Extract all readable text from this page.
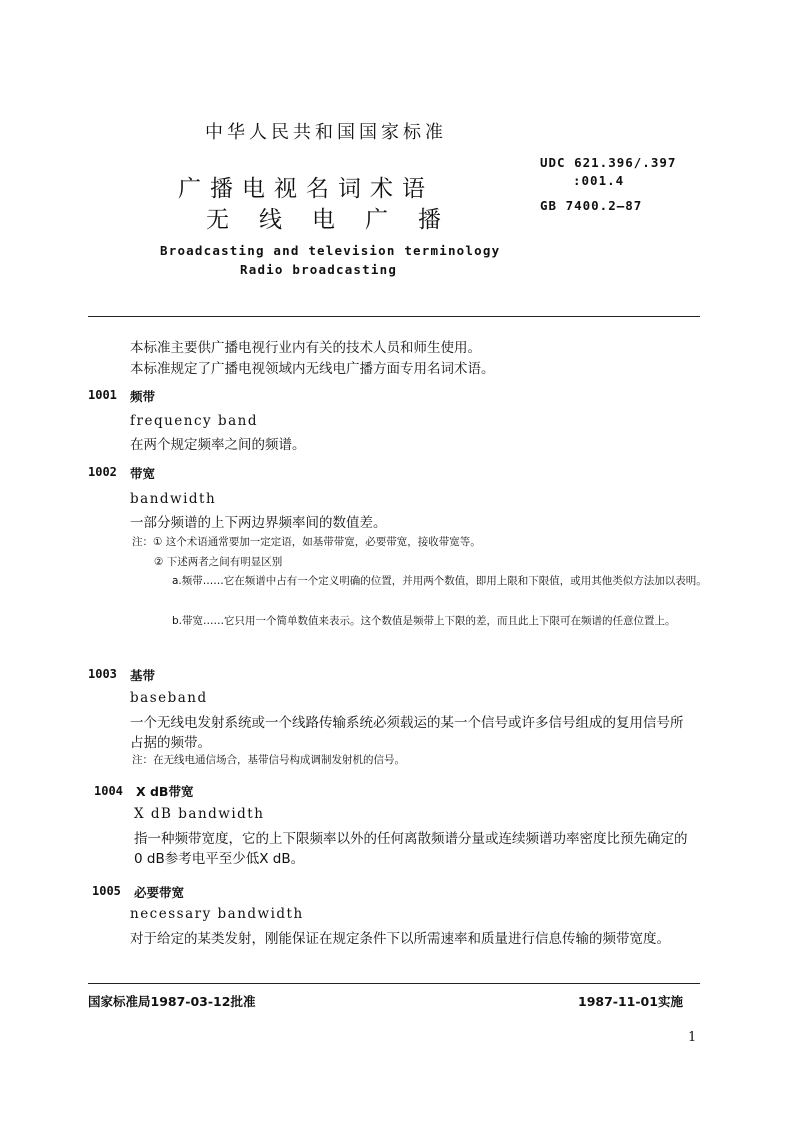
中华人民共和国国家标准
广播电视名词术语
无线电广播
Broadcasting and television terminology
Radio broadcasting
UDC 621.396/.397
:001.4
GB 7400.2—87
本标准主要供广播电视行业内有关的技术人员和师生使用。
本标准规定了广播电视领域内无线电广播方面专用名词术语。
1001 频带
frequency band
在两个规定频率之间的频谱。
1002 带宽
bandwidth
一部分频谱的上下两边界频率间的数值差。
注：① 这个术语通常要加一定定语，如基带带宽，必要带宽，接收带宽等。
② 下述两者之间有明显区别
a.频带……它在频谱中占有一个定义明确的位置，并用两个数值，即用上限和下限值，或用其他类似方法加以表明。
b.带宽……它只用一个简单数值来表示。这个数值是频带上下限的差，而且此上下限可在频谱的任意位置上。
1003 基带
baseband
一个无线电发射系统或一个线路传输系统必须载运的某一个信号或许多信号组成的复用信号所
占据的频带。
注：在无线电通信场合，基带信号构成调制发射机的信号。
1004 X dB带宽
X dB bandwidth
指一种频带宽度，它的上下限频率以外的任何离散频谱分量或连续频谱功率密度比预先确定的
0 dB参考电平至少低X dB。
1005 必要带宽
necessary bandwidth
对于给定的某类发射，刚能保证在规定条件下以所需速率和质量进行信息传输的频带宽度。
国家标准局1987-03-12批准	1987-11-01实施
1
